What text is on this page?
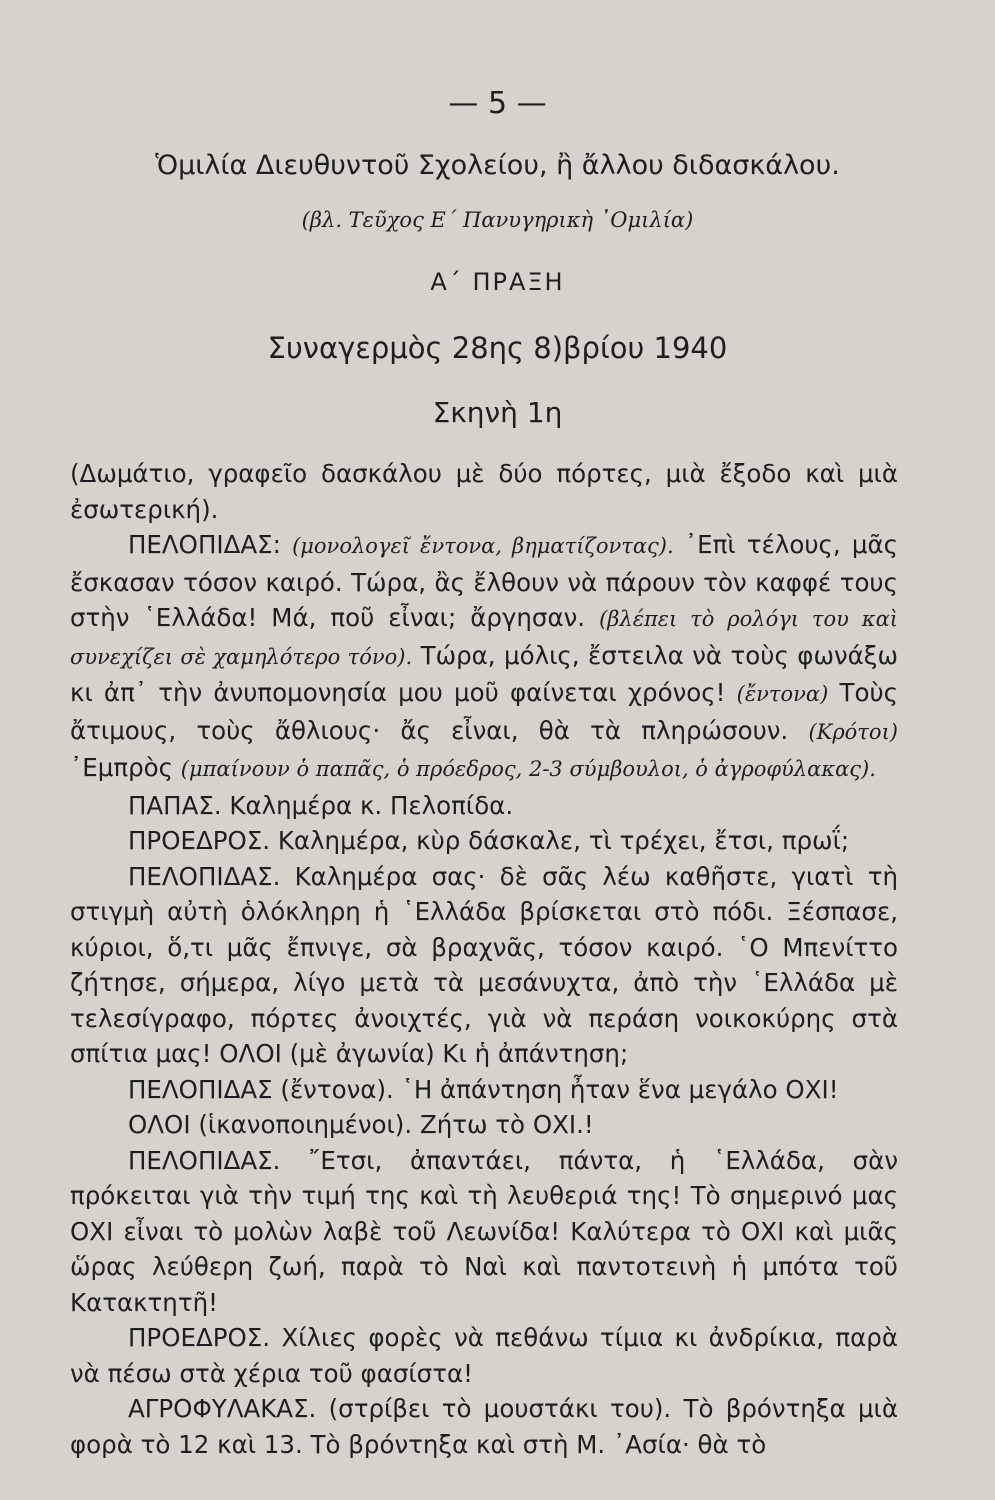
— 5 —
Ὁμιλία Διευθυντοῦ Σχολείου, ἢ ἄλλου διδασκάλου.
(βλ. Τεῦχος Ε΄ Πανυγηρικὴ ᾿Ομιλία)
Α΄ ΠΡΑΞΗ
Συναγερμὸς 28ης 8)βρίου 1940
Σκηνὴ 1η

(Δωμάτιο, γραφεῖο δασκάλου μὲ δύο πόρτες, μιὰ ἔξοδο καὶ μιὰ ἐσωτερική).

ΠΕΛΟΠΙΔΑΣ: (μονολογεῖ ἔντονα, βηματίζοντας). ᾿Επὶ τέλους, μᾶς ἔσκασαν τόσον καιρό. Τώρα, ἂς ἔλθουν νὰ πάρουν τὸν καφφέ τους στὴν ῾Ελλάδα! Μά, ποῦ εἶναι; ἄργησαν. (βλέπει τὸ ρολόγι του καὶ συνεχίζει σὲ χαμηλότερο τόνο). Τώρα, μόλις, ἔστειλα νὰ τοὺς φωνάξω κι ἀπ᾿ τὴν ἀνυπομονησία μου μοῦ φαίνεται χρόνος! (ἔντονα) Τοὺς ἄτιμους, τοὺς ἄθλιους· ἄς εἶναι, θὰ τὰ πληρώσουν. (Κρότοι) ᾿Εμπρὸς (μπαίνουν ὁ παπᾶς, ὁ πρόεδρος, 2-3 σύμβουλοι, ὁ ἀγροφύλακας).

ΠΑΠΑΣ. Καλημέρα κ. Πελοπίδα.

ΠΡΟΕΔΡΟΣ. Καλημέρα, κὺρ δάσκαλε, τὶ τρέχει, ἔτσι, πρωΐ;

ΠΕΛΟΠΙΔΑΣ. Καλημέρα σας· δὲ σᾶς λέω καθῆστε, γιατὶ τὴ στιγμὴ αὐτὴ ὁλόκληρη ἡ ῾Ελλάδα βρίσκεται στὸ πόδι. Ξέσπασε, κύριοι, ὅ,τι μᾶς ἔπνιγε, σὰ βραχνᾶς, τόσον καιρό. ῾Ο Μπενίττο ζήτησε, σήμερα, λίγο μετὰ τὰ μεσάνυχτα, ἀπὸ τὴν ῾Ελλάδα μὲ τελεσίγραφο, πόρτες ἀνοιχτές, γιὰ νὰ περάση νοικοκύρης στὰ σπίτια μας! ΟΛΟΙ (μὲ ἀγωνία) Κι ἡ ἀπάντηση;

ΠΕΛΟΠΙΔΑΣ (ἔντονα). ῾Η ἀπάντηση ἦταν ἕνα μεγάλο ΟΧΙ!

ΟΛΟΙ (ἱκανοποιημένοι). Ζήτω τὸ ΟΧΙ.!

ΠΕΛΟΠΙΔΑΣ. ῎Ετσι, ἀπαντάει, πάντα, ἡ ῾Ελλάδα, σὰν πρόκειται γιὰ τὴν τιμή της καὶ τὴ λευθεριά της! Τὸ σημερινό μας ΟΧΙ εἶναι τὸ μολὼν λαβὲ τοῦ Λεωνίδα! Καλύτερα τὸ ΟΧΙ καὶ μιᾶς ὥρας λεύθερη ζωή, παρὰ τὸ Ναὶ καὶ παντοτεινὴ ἡ μπότα τοῦ Κατακτητῆ!

ΠΡΟΕΔΡΟΣ. Χίλιες φορὲς νὰ πεθάνω τίμια κι ἀνδρίκια, παρὰ νὰ πέσω στὰ χέρια τοῦ φασίστα!

ΑΓΡΟΦΥΛΑΚΑΣ. (στρίβει τὸ μουστάκι του). Τὸ βρόντηξα μιὰ φορὰ τὸ 12 καὶ 13. Τὸ βρόντηξα καὶ στὴ Μ. ᾿Ασία· θὰ τὸ
